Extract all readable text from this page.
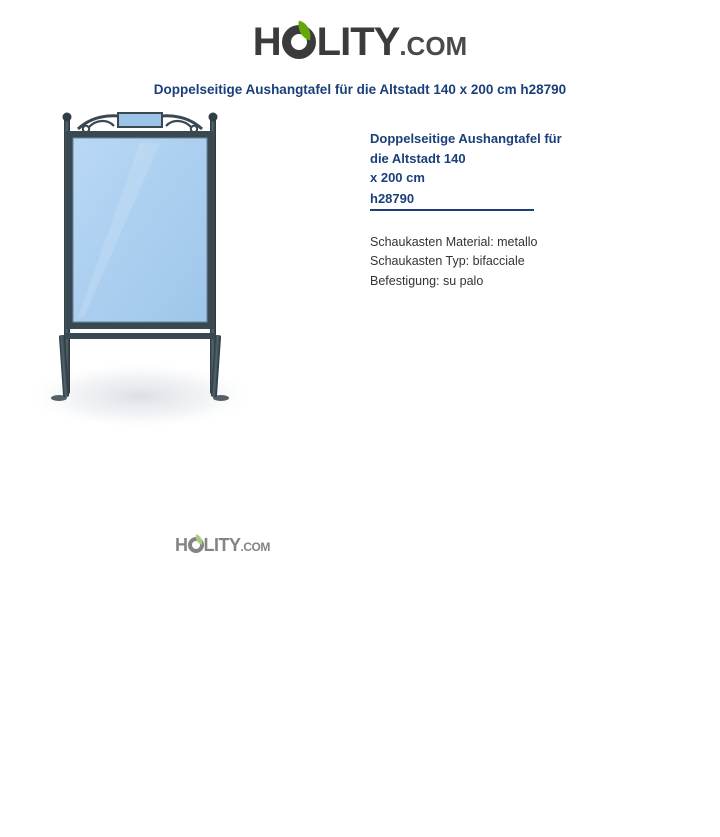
H LITY.COM
Doppelseitige Aushangtafel für die Altstadt 140 x 200 cm h28790
H LITY.COM
Doppelseitige Aushangtafel für
die Altstadt 140
x 200 cm
h28790
Schaukasten Material: metallo
Schaukasten Typ: bifacciale
Befestigung: su palo
